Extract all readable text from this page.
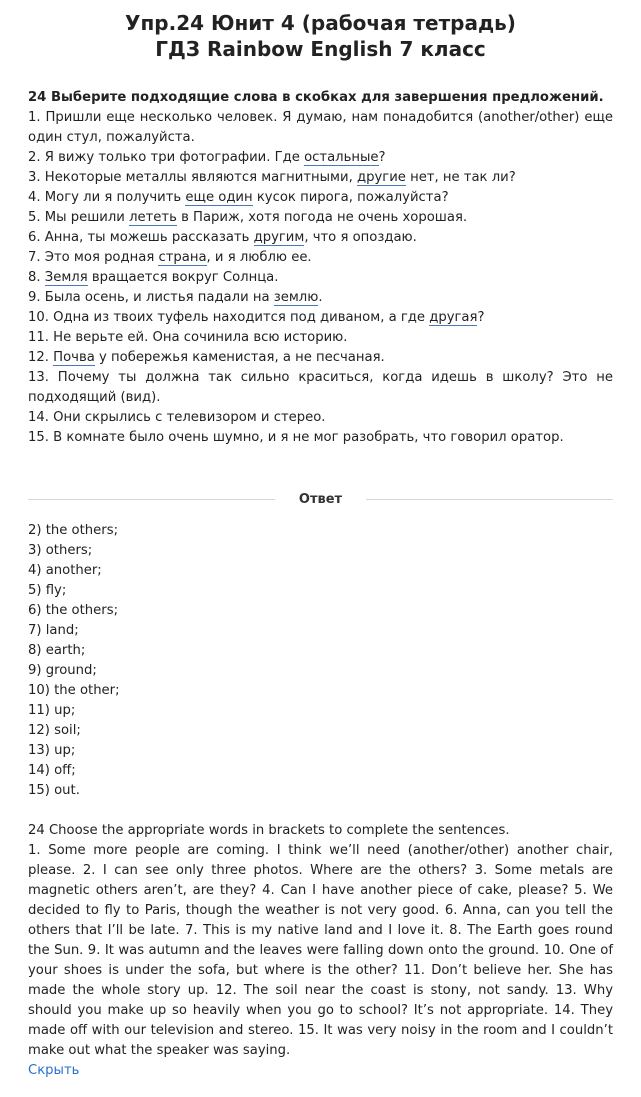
Упр.24 Юнит 4 (рабочая тетрадь)
ГДЗ Rainbow English 7 класс
24 Выберите подходящие слова в скобках для завершения предложений.

1. Пришли еще несколько человек. Я думаю, нам понадобится (another/other) еще один стул, пожалуйста.

2. Я вижу только три фотографии. Где остальные?

3. Некоторые металлы являются магнитными, другие нет, не так ли?

4. Могу ли я получить еще один кусок пирога, пожалуйста?

5. Мы решили лететь в Париж, хотя погода не очень хорошая.

6. Анна, ты можешь рассказать другим, что я опоздаю.

7. Это моя родная страна, и я люблю ее.

8. Земля вращается вокруг Солнца.

9. Была осень, и листья падали на землю.

10. Одна из твоих туфель находится под диваном, а где другая?

11. Не верьте ей. Она сочинила всю историю.

12. Почва у побережья каменистая, а не песчаная.

13. Почему ты должна так сильно краситься, когда идешь в школу? Это не подходящий (вид).

14. Они скрылись с телевизором и стерео.

15. В комнате было очень шумно, и я не мог разобрать, что говорил оратор.

Ответ
2) the others;
3) others;
4) another;
5) fly;
6) the others;
7) land;
8) earth;
9) ground;
10) the other;
11) up;
12) soil;
13) up;
14) off;
15) out.

24 Choose the appropriate words in brackets to complete the sentences.

1. Some more people are coming. I think we’ll need (another/other) another chair, please. 2. I can see only three photos. Where are the others? 3. Some metals are magnetic others aren’t, are they? 4. Can I have another piece of cake, please? 5. We decided to fly to Paris, though the weather is not very good. 6. Anna, can you tell the others that I’ll be late. 7. This is my native land and I love it. 8. The Earth goes round the Sun. 9. It was autumn and the leaves were falling down onto the ground. 10. One of your shoes is under the sofa, but where is the other? 11. Don’t believe her. She has made the whole story up. 12. The soil near the coast is stony, not sandy. 13. Why should you make up so heavily when you go to school? It’s not appropriate. 14. They made off with our television and stereo. 15. It was very noisy in the room and I couldn’t make out what the speaker was saying.

Скрыть
